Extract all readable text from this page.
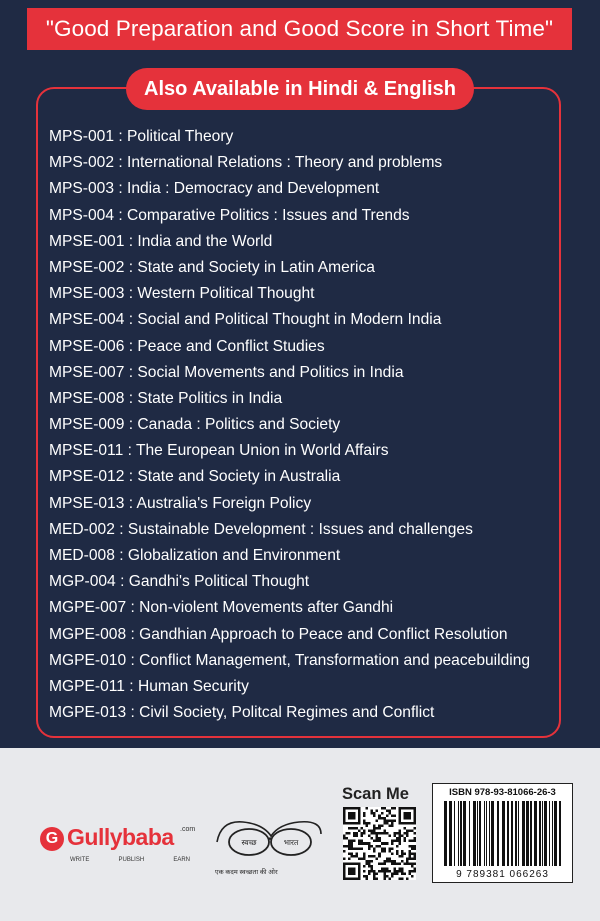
"Good Preparation and Good Score in Short Time"
Also Available in Hindi & English
MPS-001 : Political Theory
MPS-002 : International Relations : Theory and problems
MPS-003 : India : Democracy and Development
MPS-004 : Comparative Politics : Issues and Trends
MPSE-001 : India and the World
MPSE-002 : State and Society in Latin America
MPSE-003 : Western Political Thought
MPSE-004 : Social and Political Thought in Modern India
MPSE-006 : Peace and Conflict Studies
MPSE-007 : Social Movements and Politics in India
MPSE-008 : State Politics in India
MPSE-009 : Canada : Politics and Society
MPSE-011 : The European Union in World Affairs
MPSE-012 : State and Society in Australia
MPSE-013 : Australia's Foreign Policy
MED-002 : Sustainable Development : Issues and challenges
MED-008 : Globalization and Environment
MGP-004 : Gandhi's Political Thought
MGPE-007 : Non-violent Movements after Gandhi
MGPE-008 : Gandhian Approach to Peace and Conflict Resolution
MGPE-010 : Conflict Management, Transformation and peacebuilding
MGPE-011 : Human Security
MGPE-013 : Civil Society, Politcal Regimes and Conflict
G Gullybaba .com
WRITE	PUBLISH	EARN
स्वच्छ	भारत
एक कदम स्वच्छता की ओर
Scan Me	ISBN 978-93-81066-26-3
9 789381 066263
